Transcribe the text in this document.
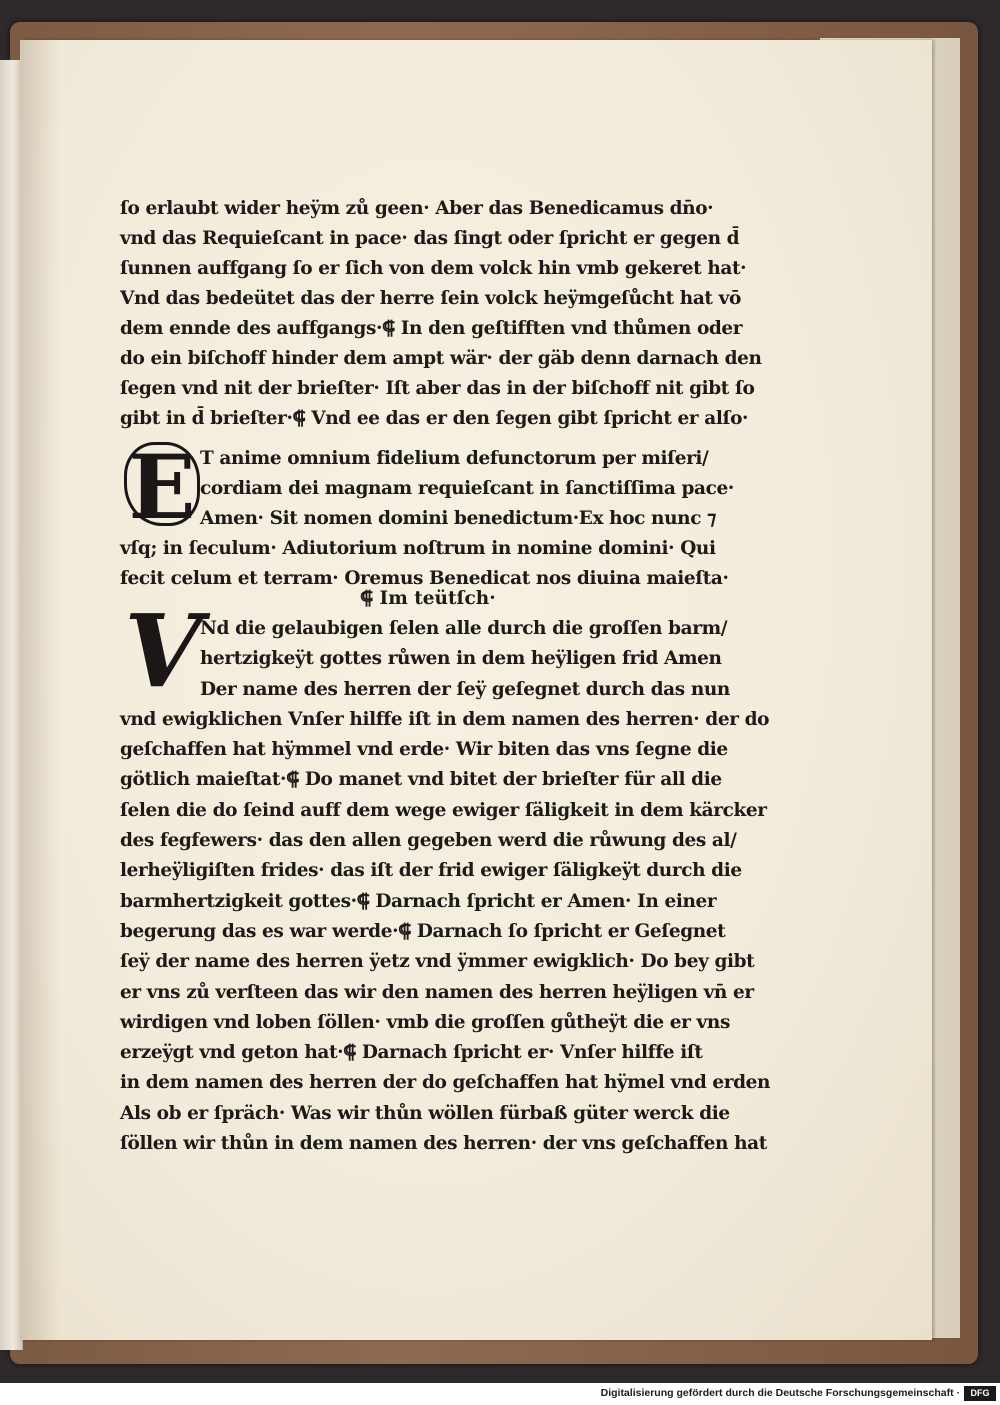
ſo erlaubt wider heÿm zů geen· Aber das Benedicamus dn̄o·
vnd das Requieſcant in pace· das ſingt oder ſpricht er gegen d̄
ſunnen auffgang ſo er ſich von dem volck hin vmb gekeret hat·
Vnd das bedeütet das der herre ſein volck heÿmgeſůcht hat vō
dem ennde des auffgangs·⸿ In den geſtifften vnd thůmen oder
do ein biſchoff hinder dem ampt wär· der gäb denn darnach den
ſegen vnd nit der brieſter· Iſt aber das in der biſchoff nit gibt ſo
gibt in d̄ brieſter·⸿ Vnd ee das er den ſegen gibt ſpricht er alſo·
E T anime omnium fidelium defunctorum per miſeri/
cordiam dei magnam requieſcant in ſanctiſſima pace·
Amen· Sit nomen domini benedictum·Ex hoc nunc ⁊
vſq; in ſeculum· Adiutorium noſtrum in nomine domini· Qui
fecit celum et terram· Oremus Benedicat nos diuina maieſta·
⸿ Im teütſch·
V
Nd die gelaubigen ſelen alle durch die groſſen barm/
hertzigkeÿt gottes růwen in dem heÿligen frid Amen
Der name des herren der ſeÿ geſegnet durch das nun
vnd ewigklichen Vnſer hilffe iſt in dem namen des herren· der do
geſchaffen hat hÿmmel vnd erde· Wir biten das vns ſegne die
götlich maieſtat·⸿ Do manet vnd bitet der brieſter für all die
ſelen die do ſeind auff dem wege ewiger ſäligkeit in dem kärcker
des fegfewers· das den allen gegeben werd die růwung des al/
lerheÿligiſten frides· das iſt der frid ewiger ſäligkeÿt durch die
barmhertzigkeit gottes·⸿ Darnach ſpricht er Amen· In einer
begerung das es war werde·⸿ Darnach ſo ſpricht er Geſegnet
ſeÿ der name des herren ÿetz vnd ÿmmer ewigklich· Do bey gibt
er vns zů verſteen das wir den namen des herren heÿligen vn̄ er
wirdigen vnd loben ſöllen· vmb die groſſen gůtheÿt die er vns
erzeÿgt vnd geton hat·⸿ Darnach ſpricht er· Vnſer hilffe iſt
in dem namen des herren der do geſchaffen hat hÿmel vnd erden
Als ob er ſpräch· Was wir thůn wöllen fürbaß güter werck die
ſöllen wir thůn in dem namen des herren· der vns geſchaffen hat
Digitalisierung gefördert durch die Deutsche Forschungsgemeinschaft ·	DFG
